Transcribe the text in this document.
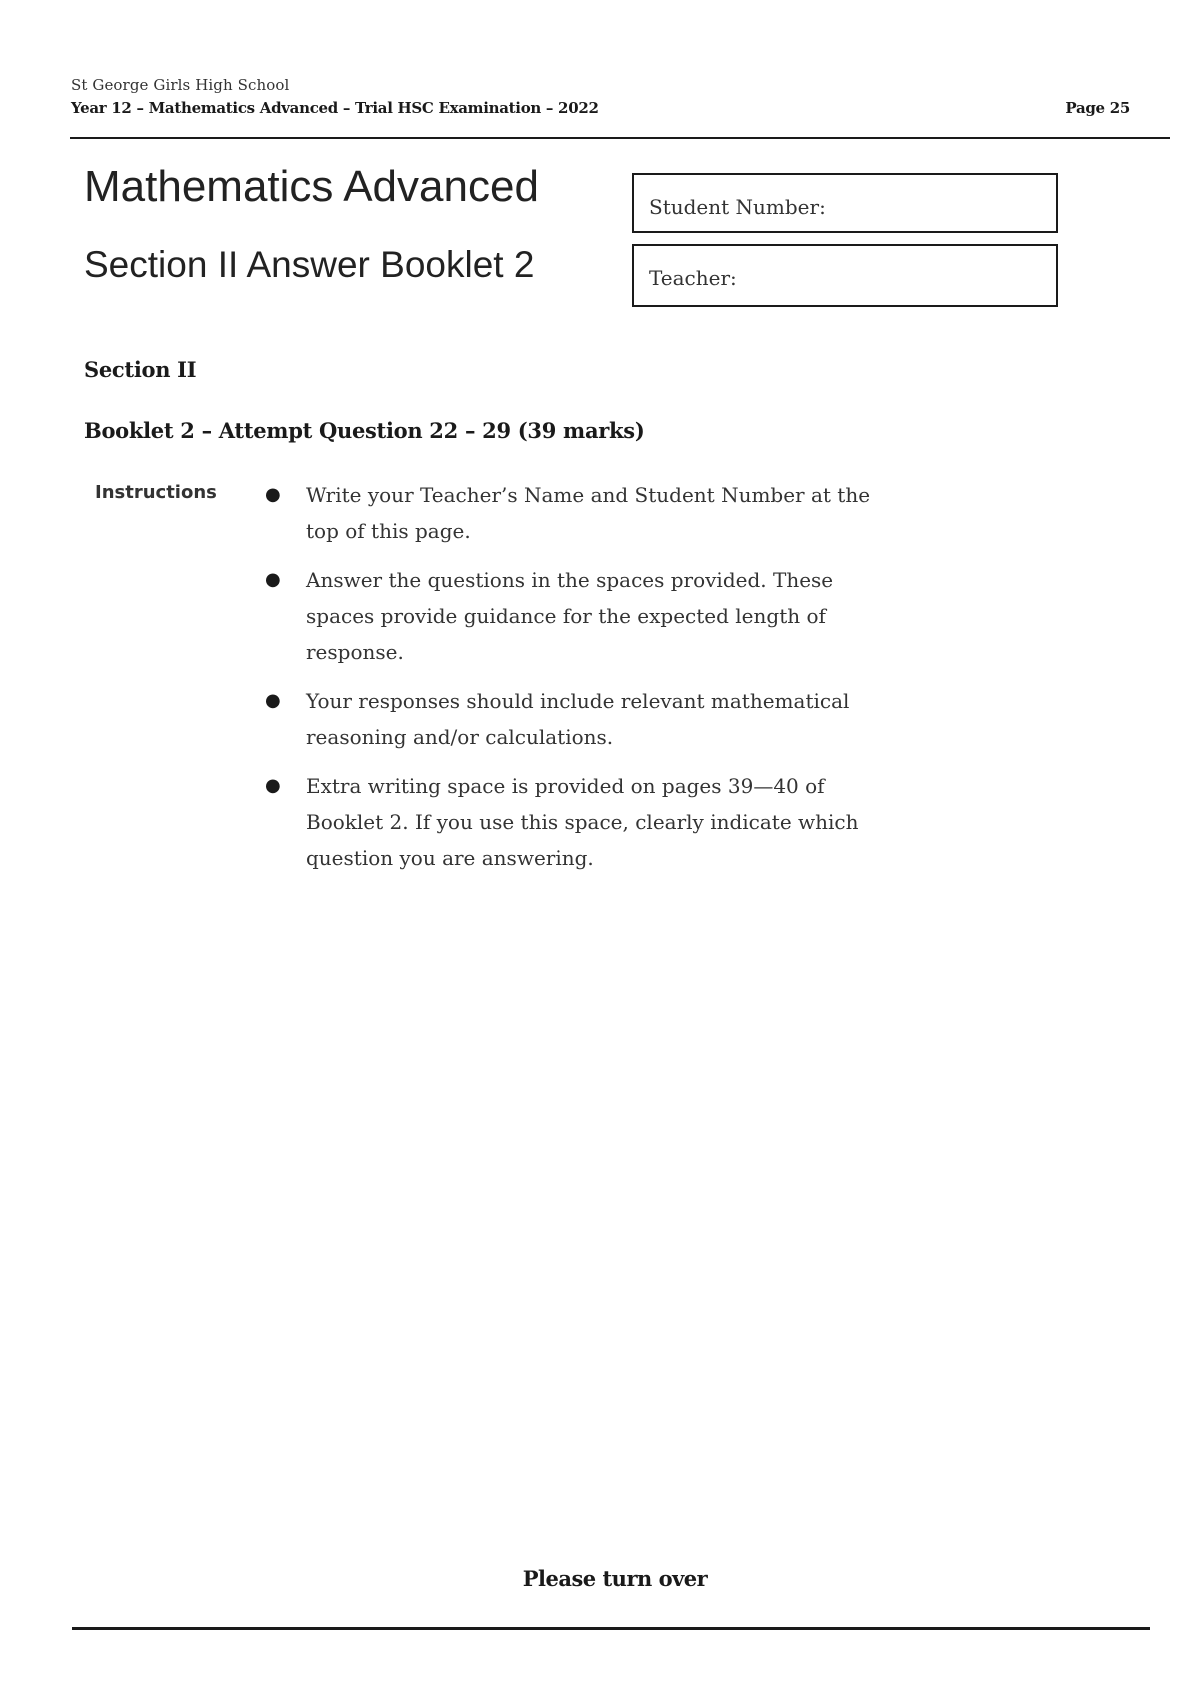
St George Girls High School
Year 12 – Mathematics Advanced – Trial HSC Examination – 2022	Page 25
Mathematics Advanced
Section II Answer Booklet 2
Student Number:
Teacher:
Section II
Booklet 2 – Attempt Question 22 – 29 (39 marks)
Instructions	● Write your Teacher’s Name and Student Number at the top of this page.
● Answer the questions in the spaces provided. These spaces provide guidance for the expected length of response.
● Your responses should include relevant mathematical reasoning and/or calculations.
● Extra writing space is provided on pages 39—40 of Booklet 2. If you use this space, clearly indicate which question you are answering.
Please turn over
